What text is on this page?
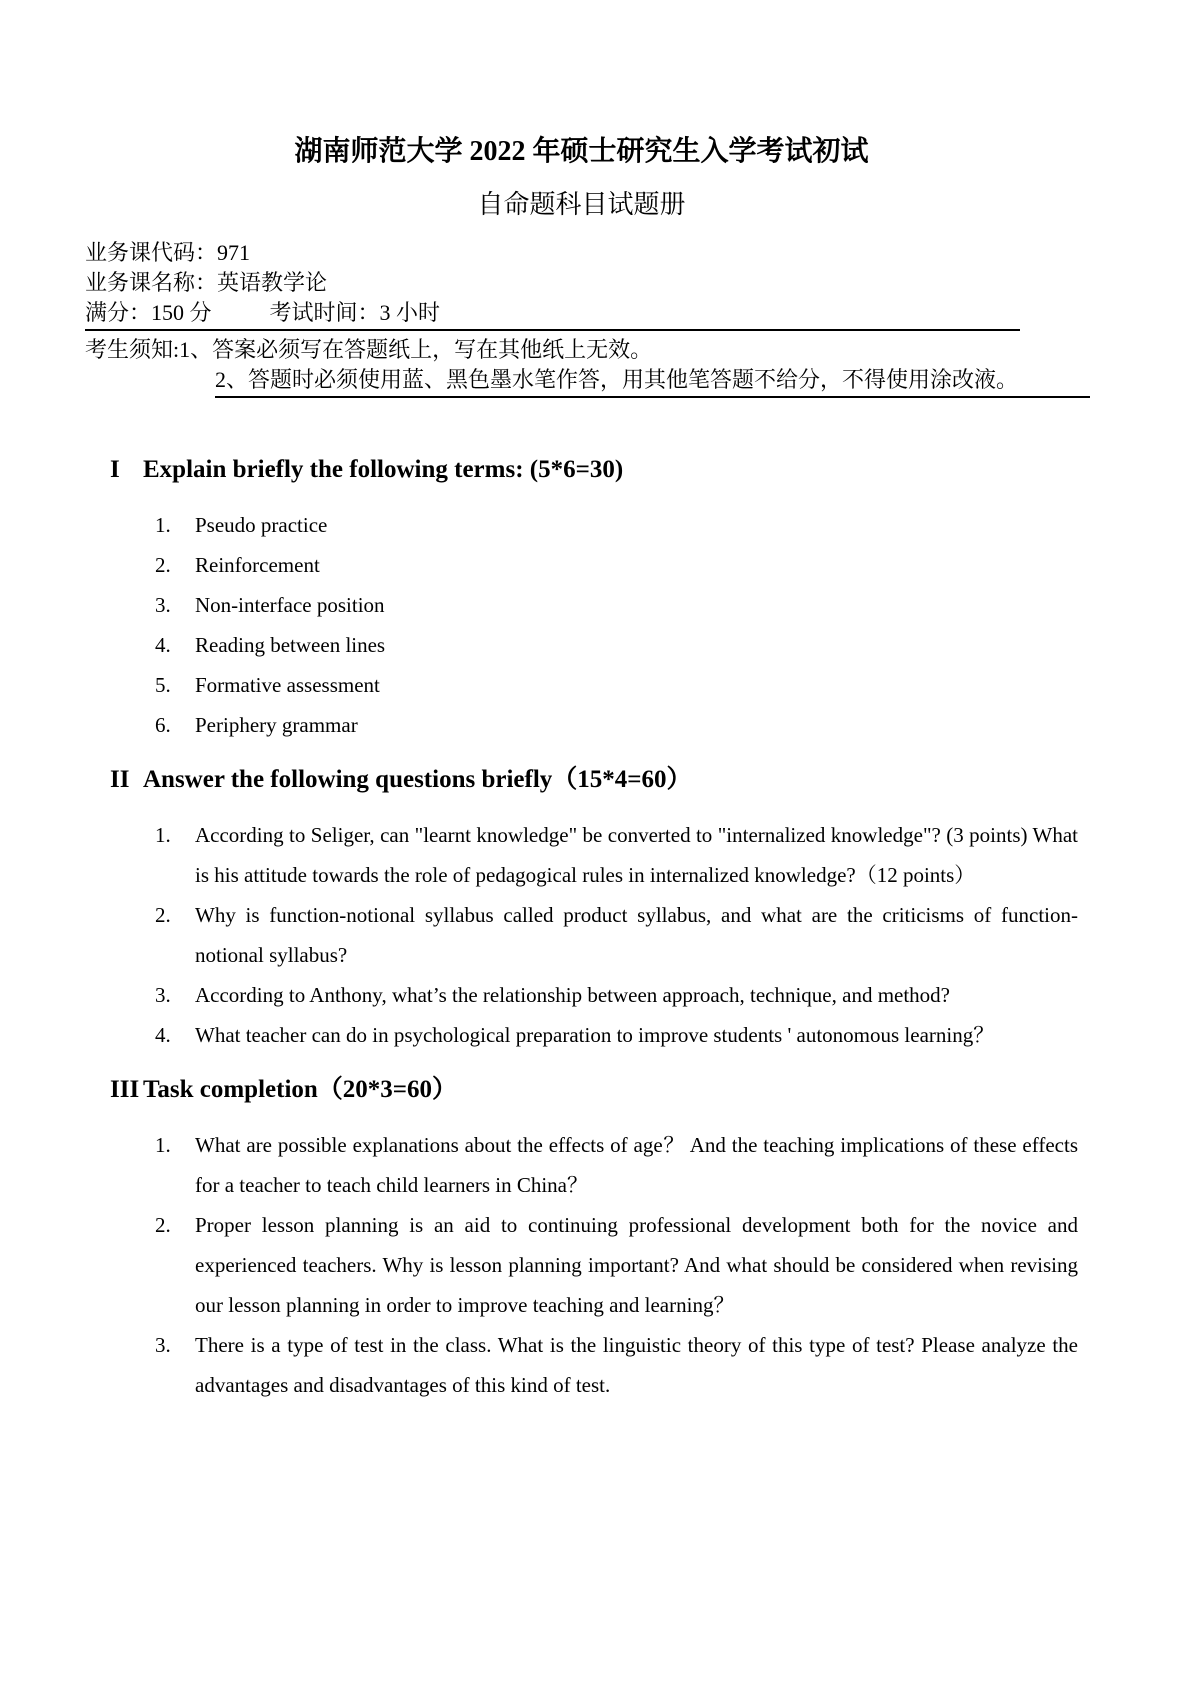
湖南师范大学 2022 年硕士研究生入学考试初试
自命题科目试题册
业务课代码：971
业务课名称：英语教学论
满分：150 分	考试时间：3 小时
考生须知:1、答案必须写在答题纸上，写在其他纸上无效。
2、答题时必须使用蓝、黑色墨水笔作答，用其他笔答题不给分，不得使用涂改液。
I Explain briefly the following terms: (5*6=30)
1.	Pseudo practice
2.	Reinforcement
3.	Non-interface position
4.	Reading between lines
5.	Formative assessment
6.	Periphery grammar
II Answer the following questions briefly（15*4=60）
1.	According to Seliger, can "learnt knowledge" be converted to "internalized knowledge"? (3 points) What is his attitude towards the role of pedagogical rules in internalized knowledge?（12 points）
2.	Why is function-notional syllabus called product syllabus, and what are the criticisms of function-notional syllabus?
3.	According to Anthony, what’s the relationship between approach, technique, and method?
4.	What teacher can do in psychological preparation to improve students ' autonomous learning？
III Task completion（20*3=60）
1.	What are possible explanations about the effects of age？ And the teaching implications of these effects for a teacher to teach child learners in China？
2.	Proper lesson planning is an aid to continuing professional development both for the novice and experienced teachers. Why is lesson planning important? And what should be considered when revising our lesson planning in order to improve teaching and learning？
3.	There is a type of test in the class. What is the linguistic theory of this type of test? Please analyze the advantages and disadvantages of this kind of test.
